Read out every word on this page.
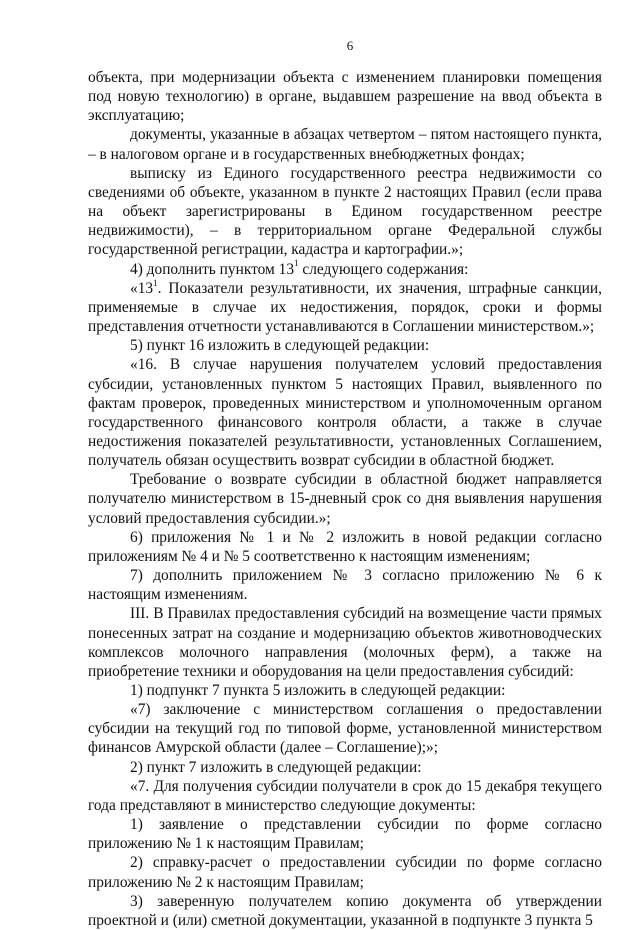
6

объекта, при модернизации объекта с изменением планировки помещения под новую технологию) в органе, выдавшем разрешение на ввод объекта в эксплуатацию;

документы, указанные в абзацах четвертом – пятом настоящего пункта, – в налоговом органе и в государственных внебюджетных фондах;

выписку из Единого государственного реестра недвижимости со сведениями об объекте, указанном в пункте 2 настоящих Правил (если права на объект зарегистрированы в Едином государственном реестре недвижимости), – в территориальном органе Федеральной службы государственной регистрации, кадастра и картографии.»;

4) дополнить пунктом $13^1$ следующего содержания:

«$13^1$. Показатели результативности, их значения, штрафные санкции, применяемые в случае их недостижения, порядок, сроки и формы представления отчетности устанавливаются в Соглашении министерством.»;

5) пункт 16 изложить в следующей редакции:

«16. В случае нарушения получателем условий предоставления субсидии, установленных пунктом 5 настоящих Правил, выявленного по фактам проверок, проведенных министерством и уполномоченным органом государственного финансового контроля области, а также в случае недостижения показателей результативности, установленных Соглашением, получатель обязан осуществить возврат субсидии в областной бюджет.

Требование о возврате субсидии в областной бюджет направляется получателю министерством в 15-дневный срок со дня выявления нарушения условий предоставления субсидии.»;

6) приложения № 1 и № 2 изложить в новой редакции согласно приложениям № 4 и № 5 соответственно к настоящим изменениям;

7) дополнить приложением № 3 согласно приложению № 6 к настоящим изменениям.

III. В Правилах предоставления субсидий на возмещение части прямых понесенных затрат на создание и модернизацию объектов животноводческих комплексов молочного направления (молочных ферм), а также на приобретение техники и оборудования на цели предоставления субсидий:

1) подпункт 7 пункта 5 изложить в следующей редакции:

«7) заключение с министерством соглашения о предоставлении субсидии на текущий год по типовой форме, установленной министерством финансов Амурской области (далее – Соглашение);»;

2) пункт 7 изложить в следующей редакции:

«7. Для получения субсидии получатели в срок до 15 декабря текущего года представляют в министерство следующие документы:

1) заявление о представлении субсидии по форме согласно приложению № 1 к настоящим Правилам;

2) справку-расчет о предоставлении субсидии по форме согласно приложению № 2 к настоящим Правилам;

3) заверенную получателем копию документа об утверждении проектной и (или) сметной документации, указанной в подпункте 3 пункта 5
